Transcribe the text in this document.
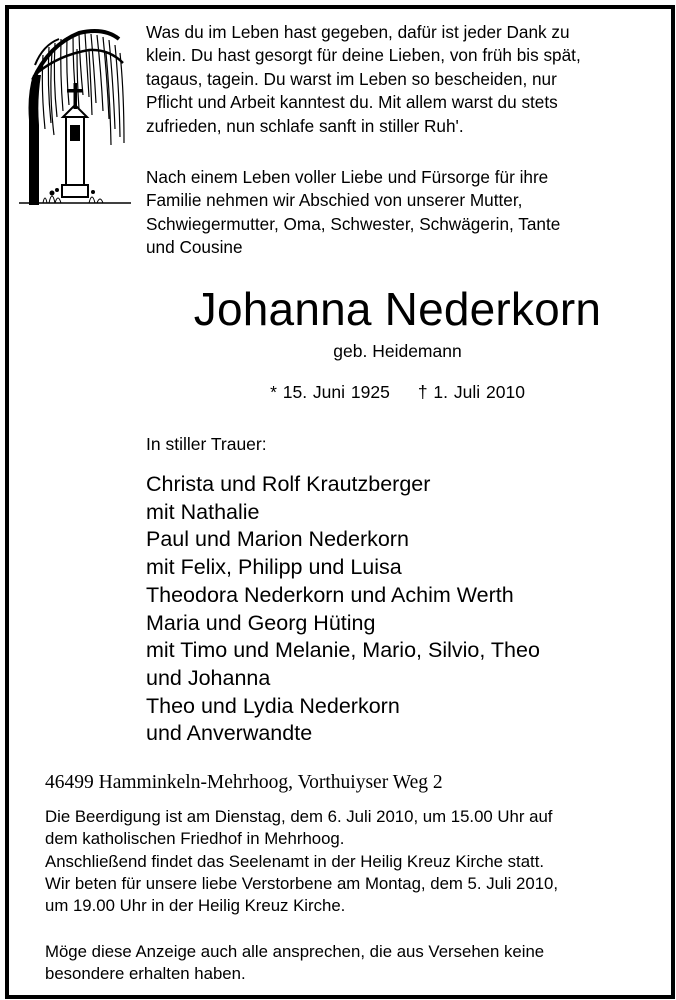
Was du im Leben hast gegeben, dafür ist jeder Dank zu
klein. Du hast gesorgt für deine Lieben, von früh bis spät,
tagaus, tagein. Du warst im Leben so bescheiden, nur
Pflicht und Arbeit kanntest du. Mit allem warst du stets
zufrieden, nun schlafe sanft in stiller Ruh'.

Nach einem Leben voller Liebe und Fürsorge für ihre
Familie nehmen wir Abschied von unserer Mutter,
Schwiegermutter, Oma, Schwester, Schwägerin, Tante
und Cousine

Johanna Nederkorn

geb. Heidemann

* 15. Juni 1925 † 1. Juli 2010

In stiller Trauer:

Christa und Rolf Krautzberger
mit Nathalie
Paul und Marion Nederkorn
mit Felix, Philipp und Luisa
Theodora Nederkorn und Achim Werth
Maria und Georg Hüting
mit Timo und Melanie, Mario, Silvio, Theo
und Johanna
Theo und Lydia Nederkorn
und Anverwandte

46499 Hamminkeln-Mehrhoog, Vorthuiyser Weg 2

Die Beerdigung ist am Dienstag, dem 6. Juli 2010, um 15.00 Uhr auf
dem katholischen Friedhof in Mehrhoog.
Anschließend findet das Seelenamt in der Heilig Kreuz Kirche statt.
Wir beten für unsere liebe Verstorbene am Montag, dem 5. Juli 2010,
um 19.00 Uhr in der Heilig Kreuz Kirche.

Möge diese Anzeige auch alle ansprechen, die aus Versehen keine
besondere erhalten haben.
